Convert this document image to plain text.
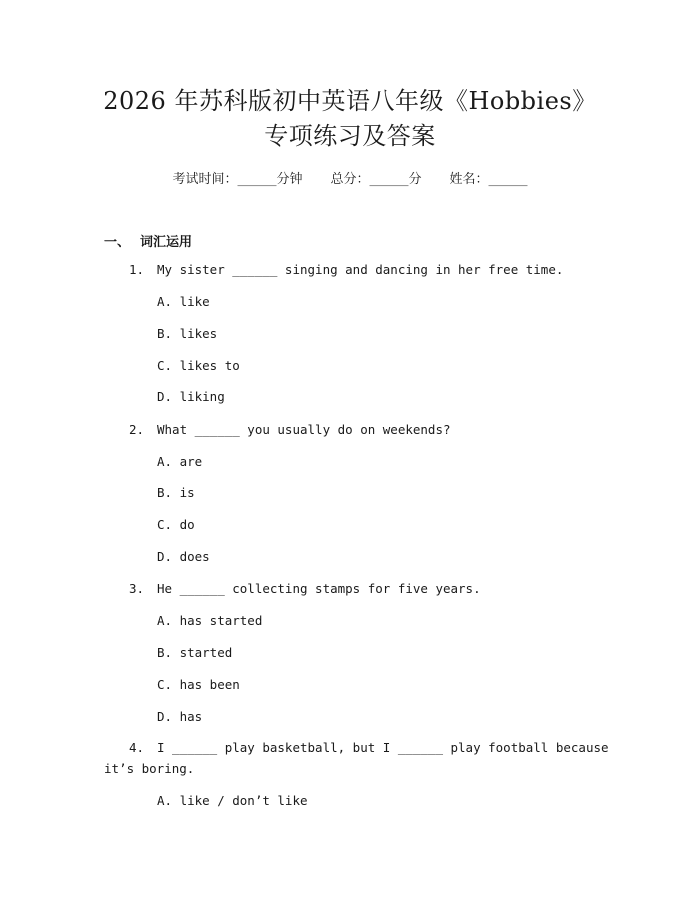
2026 年苏科版初中英语八年级《Hobbies》
专项练习及答案
考试时间：______分钟 总分：______分 姓名：______
一、 词汇运用
1. My sister ______ singing and dancing in her free time.
A. like
B. likes
C. likes to
D. liking
2. What ______ you usually do on weekends?
A. are
B. is
C. do
D. does
3. He ______ collecting stamps for five years.
A. has started
B. started
C. has been
D. has
4. I ______ play basketball, but I ______ play football because
it’s boring.
A. like / don’t like
